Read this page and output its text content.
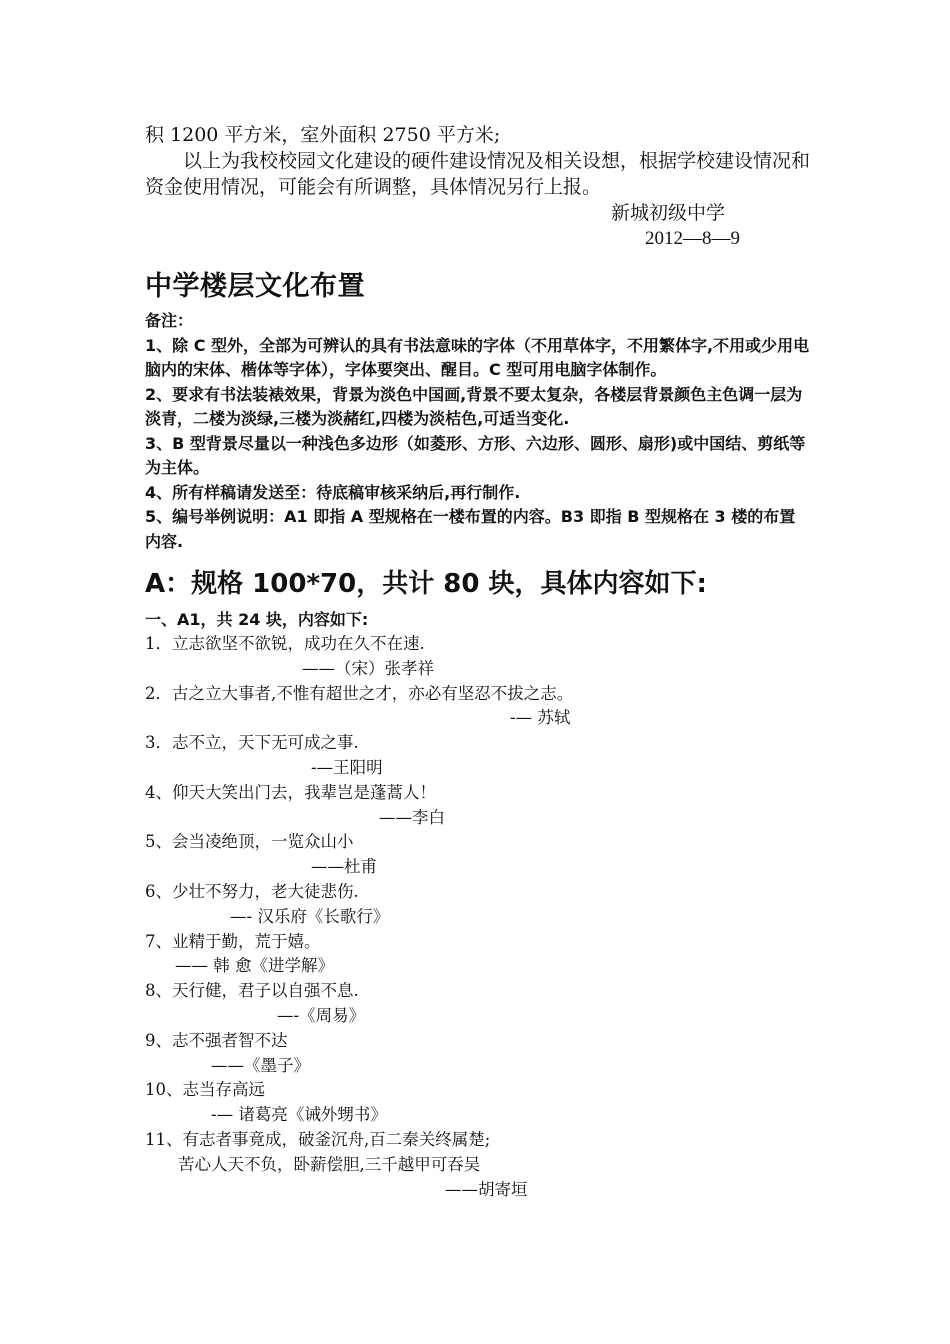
积 1200 平方米，室外面积 2750 平方米;

以上为我校校园文化建设的硬件建设情况及相关设想，根据学校建设情况和资金使用情况，可能会有所调整，具体情况另行上报。

新城初级中学

2012—8—9

中学楼层文化布置

备注：

1、除 C 型外，全部为可辨认的具有书法意味的字体（不用草体字，不用繁体字,不用或少用电脑内的宋体、楷体等字体），字体要突出、醒目。C 型可用电脑字体制作。

2、要求有书法装裱效果，背景为淡色中国画,背景不要太复杂，各楼层背景颜色主色调一层为淡青，二楼为淡绿,三楼为淡赭红,四楼为淡桔色,可适当变化.

3、B 型背景尽量以一种浅色多边形（如菱形、方形、六边形、圆形、扇形)或中国结、剪纸等为主体。

4、所有样稿请发送至：待底稿审核采纳后,再行制作.

5、编号举例说明：A1 即指 A 型规格在一楼布置的内容。B3 即指 B 型规格在 3 楼的布置内容.

A：规格 100*70，共计 80 块，具体内容如下:

一、A1，共 24 块，内容如下:

1．立志欲坚不欲锐，成功在久不在速.

——（宋）张孝祥

2．古之立大事者,不惟有超世之才，亦必有坚忍不拔之志。

-— 苏轼

3．志不立，天下无可成之事.

-—王阳明

4、仰天大笑出门去，我辈岂是蓬蒿人！

——李白

5、会当凌绝顶，一览众山小

——杜甫

6、少壮不努力，老大徒悲伤.

—- 汉乐府《长歌行》

7、业精于勤，荒于嬉。

—— 韩 愈《进学解》

8、天行健，君子以自强不息.

—-《周易》

9、志不强者智不达

——《墨子》

10、志当存高远

-— 诸葛亮《诫外甥书》

11、有志者事竟成，破釜沉舟,百二秦关终属楚;

苦心人天不负，卧薪偿胆,三千越甲可吞吴

——胡寄垣
